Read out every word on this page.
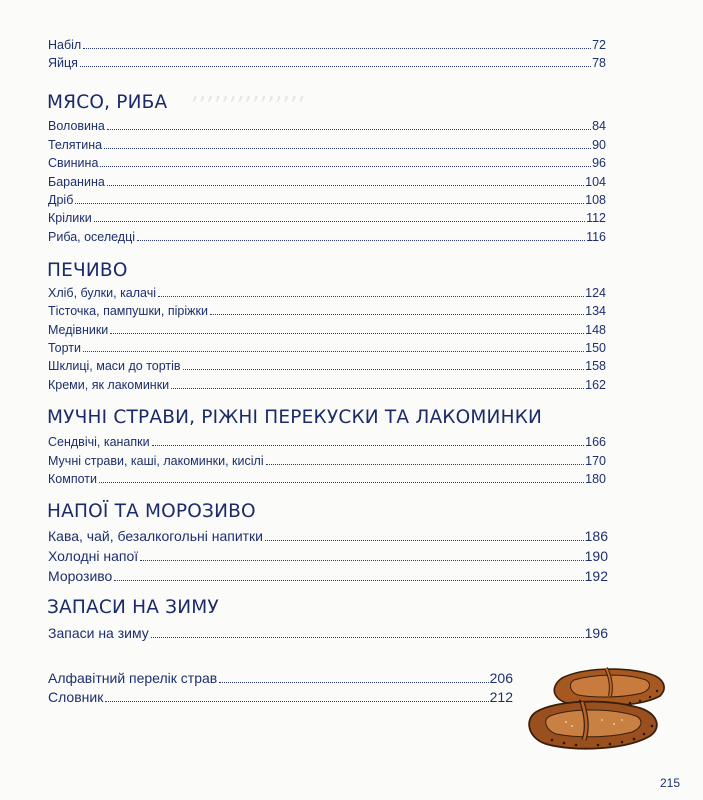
ʼʼʼʼʼʼʼʼʼʼʼʼʼʼʼ
Набіл	72
Яйця	78
МЯСО, РИБА
Воловина	84
Телятина	90
Свинина	96
Баранина	104
Дріб	108
Крілики	112
Риба, оселедці	116
ПЕЧИВО
Хліб, булки, калачі	124
Тісточка, пампушки, піріжки	134
Медівники	148
Торти	150
Шклиці, маси до тортів	158
Креми, як лакоминки	162
МУЧНІ СТРАВИ, РІЖНІ ПЕРЕКУСКИ ТА ЛАКОМИНКИ
Сендвічі, канапки	166
Мучні страви, каші, лакоминки, кисілі	170
Компоти	180
НАПОЇ ТА МОРОЗИВО
Кава, чай, безалкогольні напитки	186
Холодні напої	190
Морозиво	192
ЗАПАСИ НА ЗИМУ
Запаси на зиму	196
Алфавітний перелік страв	206
Словник	212
215
